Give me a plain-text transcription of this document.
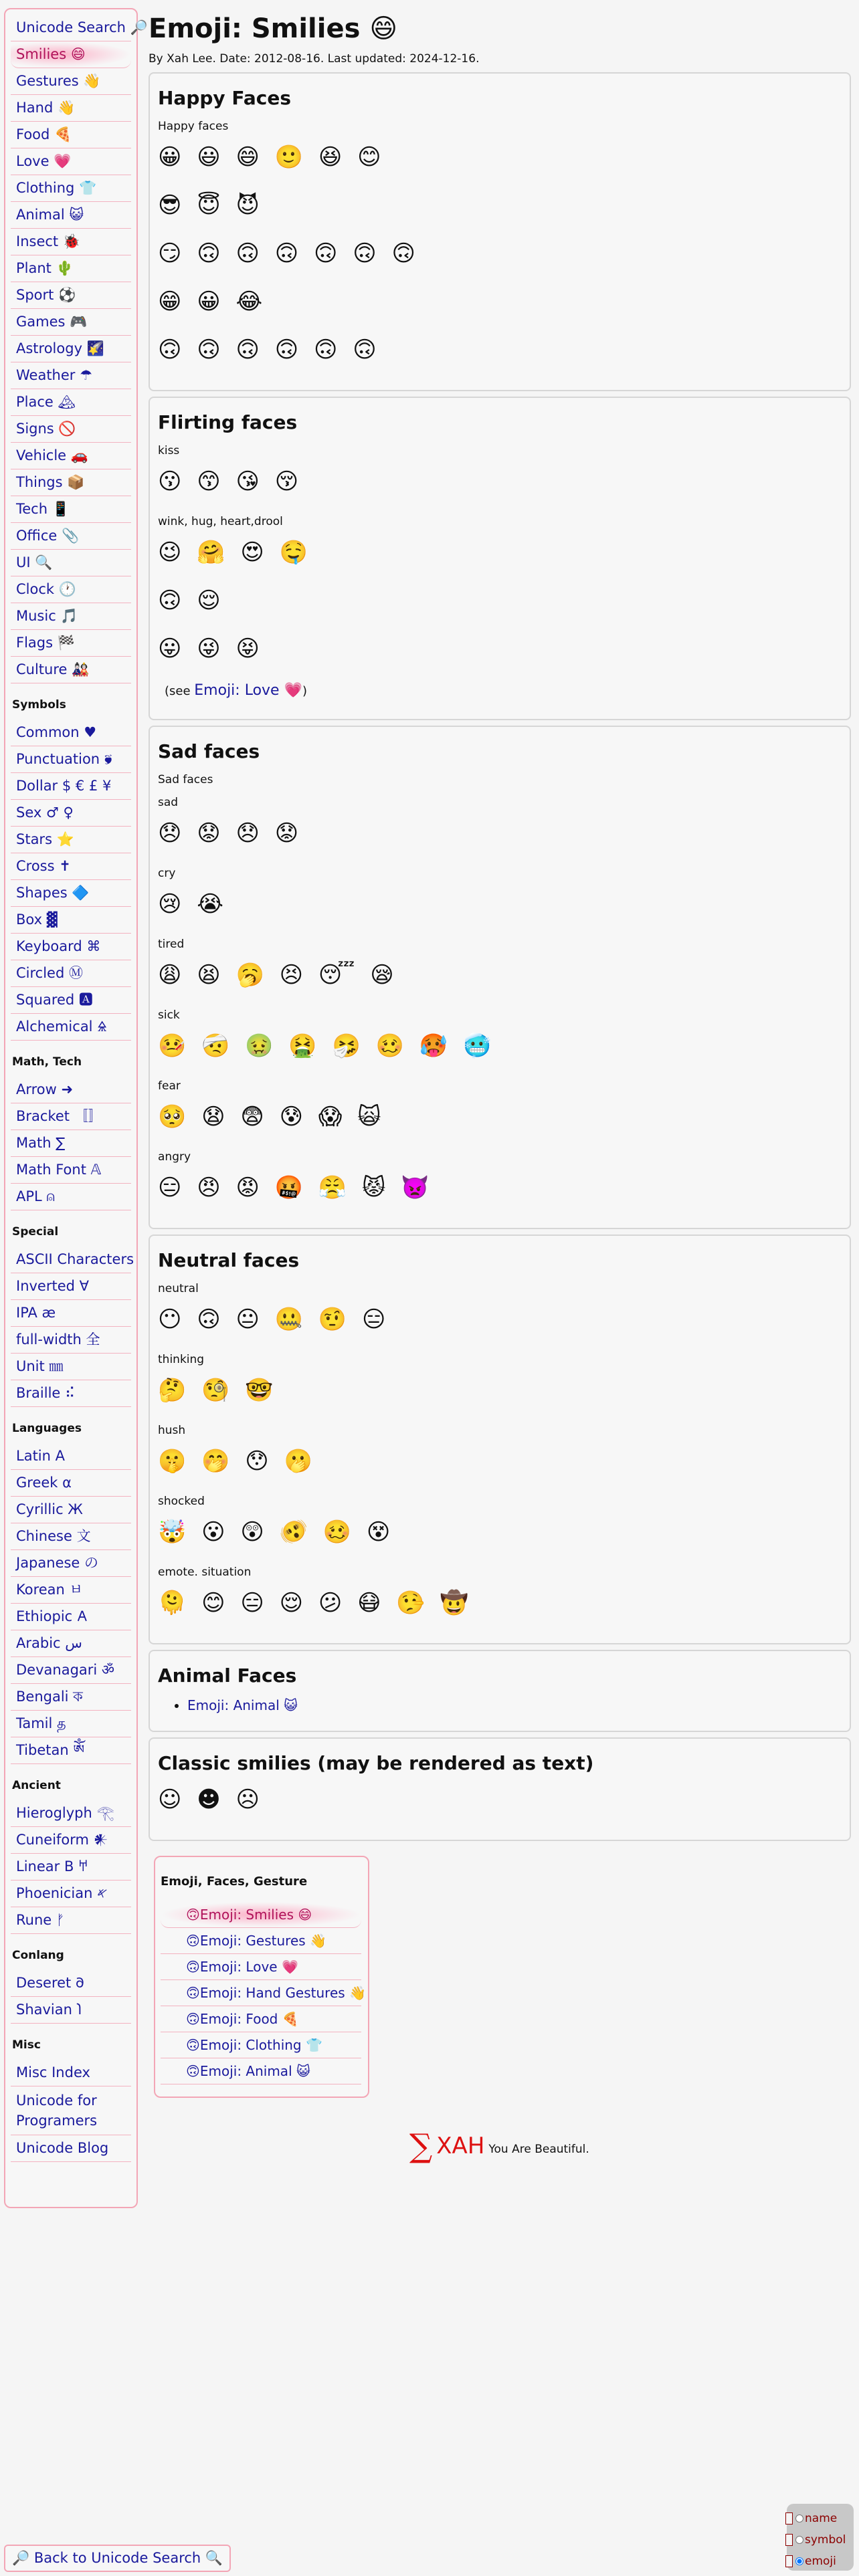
Unicode Search 🔎
Smilies 😄
Gestures 👋
Hand 👋
Food 🍕
Love 💗
Clothing 👕
Animal 😺
Insect 🐞
Plant 🌵
Sport ⚽
Games 🎮
Astrology 🌠
Weather ☂
Place 🏔
Signs 🚫
Vehicle 🚗
Things 📦
Tech 📱
Office 📎
UI 🔍
Clock 🕐
Music 🎵
Flags 🏁
Culture 🎎
Symbols
Common ♥
Punctuation 🙘
Dollar $ € £ ¥
Sex ♂ ♀
Stars ⭐
Cross ✝
Shapes 🔷
Box ▓
Keyboard ⌘
Circled Ⓜ
Squared 🅰
Alchemical 🜎
Math, Tech
Arrow ➜
Bracket 〚〛
Math ∑
Math Font 𝔸
APL ⍝
Special
ASCII Characters
Inverted ∀
IPA æ
full-width 全
Unit ㎜
Braille ⠮
Languages
Latin A
Greek α
Cyrillic Ж
Chinese 文
Japanese の
Korean ㅂ
Ethiopic 𐌀
Arabic س
Devanagari ॐ
Bengali ক
Tamil த
Tibetan ༀ
Ancient
Hieroglyph 𓂀
Cuneiform 𒀭
Linear B 𐀀
Phoenician 𐤀
Rune ᚠ
Conlang
Deseret 𐐀
Shavian 𐑐
Misc
Misc Index
Unicode for Programers
Unicode Blog
Emoji: Smilies 😄

By Xah Lee. Date: 2012-08-16. Last updated: 2024-12-16.

Happy Faces
Happy faces
😀 😃 😄 🙂 😆 😊
😎 😇 😈
😏 🙃 🙃 🙃 🙃 🙃 🙃
😁 😀 😂
🙃 🙃 🙃 🙃 🙃 🙃
Flirting faces
kiss
😗 😙 😘 😚
wink, hug, heart,drool
😉 🤗 😍 🤤
🙃 😌
😛 😜 😝
(see Emoji: Love 💗)
Sad faces
Sad faces
sad
😞 😟 😞 😟
cry
😢 😭
tired
😩 😫 🥱 😣 😴 😪
sick
🤒 🤕 🤢 🤮 🤧 🥴 🥵 🥶
fear
🥺 😧 😨 😰 😱 🙀
angry
😑 😠 😡 🤬 😤 😾 👿
Neutral faces
neutral
😶 🙃 😐 🤐 🤨 😑
thinking
🤔 🧐 🤓
hush
🤫 🤭 😯 🫢
shocked
🤯 😮 😲 🫨 🥴 😵
emote. situation
🫠 😊 😑 😌 😕 😷 🤥 🤠
Animal Faces
• Emoji: Animal 😺
Classic smilies (may be rendered as text)
☺ ☻ ☹
Emoji, Faces, Gesture
🙃Emoji: Smilies 😄
🙃Emoji: Gestures 👋
🙃Emoji: Love 💗
🙃Emoji: Hand Gestures 👋
🙃Emoji: Food 🍕
🙃Emoji: Clothing 👕
🙃Emoji: Animal 😺
∑ XAH You Are Beautiful.
🔎 Back to Unicode Search 🔍
name
symbol
emoji
